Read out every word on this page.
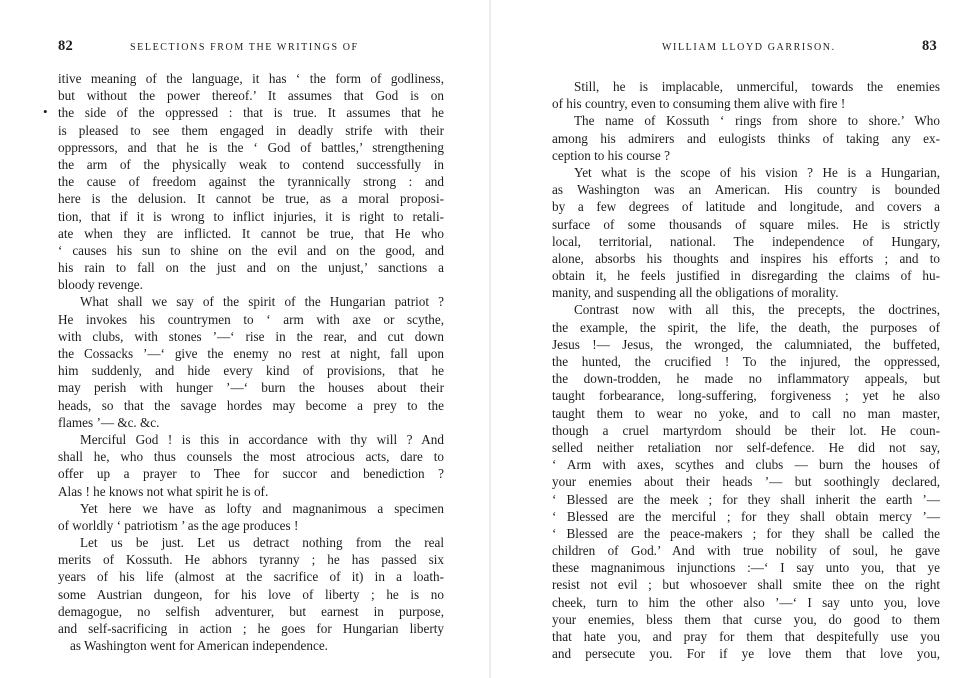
82	SELECTIONS FROM THE WRITINGS OF
•
itive meaning of the language, it has ‘ the form of godliness,
but without the power thereof.’ It assumes that God is on
the side of the oppressed : that is true. It assumes that he
is pleased to see them engaged in deadly strife with their
oppressors, and that he is the ‘ God of battles,’ strengthening
the arm of the physically weak to contend successfully in
the cause of freedom against the tyrannically strong : and
here is the delusion. It cannot be true, as a moral proposi-
tion, that if it is wrong to inflict injuries, it is right to retali-
ate when they are inflicted. It cannot be true, that He who
‘ causes his sun to shine on the evil and on the good, and
his rain to fall on the just and on the unjust,’ sanctions a
bloody revenge.
What shall we say of the spirit of the Hungarian patriot ?
He invokes his countrymen to ‘ arm with axe or scythe,
with clubs, with stones ’—‘ rise in the rear, and cut down
the Cossacks ’—‘ give the enemy no rest at night, fall upon
him suddenly, and hide every kind of provisions, that he
may perish with hunger ’—‘ burn the houses about their
heads, so that the savage hordes may become a prey to the
flames ’— &c. &c.
Merciful God ! is this in accordance with thy will ? And
shall he, who thus counsels the most atrocious acts, dare to
offer up a prayer to Thee for succor and benediction ?
Alas ! he knows not what spirit he is of.
Yet here we have as lofty and magnanimous a specimen
of worldly ‘ patriotism ’ as the age produces !
Let us be just. Let us detract nothing from the real
merits of Kossuth. He abhors tyranny ; he has passed six
years of his life (almost at the sacrifice of it) in a loath-
some Austrian dungeon, for his love of liberty ; he is no
demagogue, no selfish adventurer, but earnest in purpose,
and self-sacrificing in action ; he goes for Hungarian liberty
as Washington went for American independence.
WILLIAM LLOYD GARRISON.	83
Still, he is implacable, unmerciful, towards the enemies
of his country, even to consuming them alive with fire !
The name of Kossuth ‘ rings from shore to shore.’ Who
among his admirers and eulogists thinks of taking any ex-
ception to his course ?
Yet what is the scope of his vision ? He is a Hungarian,
as Washington was an American. His country is bounded
by a few degrees of latitude and longitude, and covers a
surface of some thousands of square miles. He is strictly
local, territorial, national. The independence of Hungary,
alone, absorbs his thoughts and inspires his efforts ; and to
obtain it, he feels justified in disregarding the claims of hu-
manity, and suspending all the obligations of morality.
Contrast now with all this, the precepts, the doctrines,
the example, the spirit, the life, the death, the purposes of
Jesus !— Jesus, the wronged, the calumniated, the buffeted,
the hunted, the crucified ! To the injured, the oppressed,
the down-trodden, he made no inflammatory appeals, but
taught forbearance, long-suffering, forgiveness ; yet he also
taught them to wear no yoke, and to call no man master,
though a cruel martyrdom should be their lot. He coun-
selled neither retaliation nor self-defence. He did not say,
‘ Arm with axes, scythes and clubs — burn the houses of
your enemies about their heads ’— but soothingly declared,
‘ Blessed are the meek ; for they shall inherit the earth ’—
‘ Blessed are the merciful ; for they shall obtain mercy ’—
‘ Blessed are the peace-makers ; for they shall be called the
children of God.’ And with true nobility of soul, he gave
these magnanimous injunctions :—‘ I say unto you, that ye
resist not evil ; but whosoever shall smite thee on the right
cheek, turn to him the other also ’—‘ I say unto you, love
your enemies, bless them that curse you, do good to them
that hate you, and pray for them that despitefully use you
and persecute you. For if ye love them that love you,
